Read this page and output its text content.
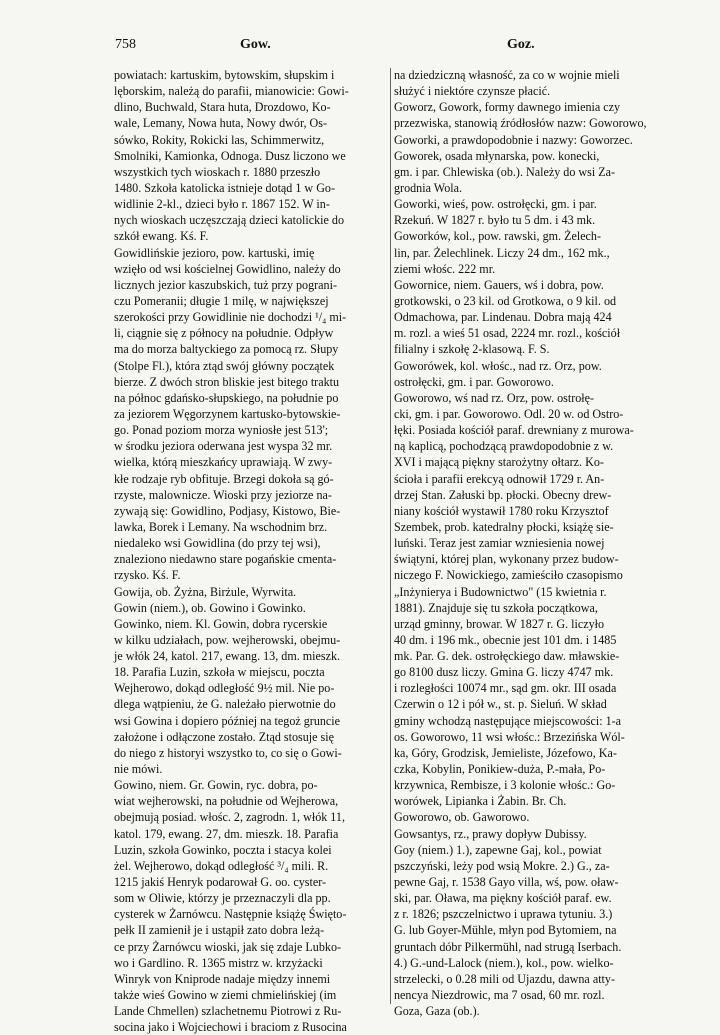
758	Gow.	Goz.
powiatach: kartuskim, bytowskim, słupskim i
lęborskim, należą do parafii, mianowicie: Gowi-
dlino, Buchwald, Stara huta, Drozdowo, Ko-
wale, Lemany, Nowa huta, Nowy dwór, Os-
sówko, Rokity, Rokicki las, Schimmerwitz,
Smolniki, Kamionka, Odnoga. Dusz liczono we
wszystkich tych wioskach r. 1880 przeszło
1480. Szkoła katolicka istnieje dotąd 1 w Go-
widlinie 2-kl., dzieci było r. 1867 152. W in-
nych wioskach uczęszczają dzieci katolickie do
szkół ewang. Kś. F.
Gowidlińskie jezioro, pow. kartuski, imię
wzięło od wsi kościelnej Gowidlino, należy do
licznych jezior kaszubskich, tuż przy pograni-
czu Pomeranii; długie 1 milę, w największej
szerokości przy Gowidlinie nie dochodzi ¹/₄ mi-
li, ciągnie się z północy na południe. Odpływ
ma do morza baltyckiego za pomocą rz. Słupy
(Stolpe Fl.), która ztąd swój główny początek
bierze. Z dwóch stron bliskie jest bitego traktu
na północ gdańsko-słupskiego, na południe po
za jeziorem Węgorzynem kartusko-bytowskie-
go. Ponad poziom morza wyniosłe jest 513';
w środku jeziora oderwana jest wyspa 32 mr.
wielka, którą mieszkańcy uprawiają. W zwy-
kłe rodzaje ryb obfituje. Brzegi dokoła są gó-
rzyste, malownicze. Wioski przy jeziorze na-
zywają się: Gowidlino, Podjasy, Kistowo, Bie-
lawka, Borek i Lemany. Na wschodnim brz.
niedaleko wsi Gowidlina (do przy tej wsi),
znaleziono niedawno stare pogańskie cmenta-
rzysko. Kś. F.
Gowija, ob. Żyżna, Birżule, Wyrwita.
Gowin (niem.), ob. Gowino i Gowinko.
Gowinko, niem. Kl. Gowin, dobra rycerskie
w kilku udziałach, pow. wejherowski, obejmu-
je włók 24, katol. 217, ewang. 13, dm. mieszk.
18. Parafia Luzin, szkoła w miejscu, poczta
Wejherowo, dokąd odległość 9½ mil. Nie po-
dlega wątpieniu, że G. należało pierwotnie do
wsi Gowina i dopiero później na tegoż gruncie
założone i odłączone zostało. Ztąd stosuje się
do niego z historyi wszystko to, co się o Gowi-
nie mówi.
Gowino, niem. Gr. Gowin, ryc. dobra, po-
wiat wejherowski, na południe od Wejherowa,
obejmują posiad. włośc. 2, zagrodn. 1, włók 11,
katol. 179, ewang. 27, dm. mieszk. 18. Parafia
Luzin, szkoła Gowinko, poczta i stacya kolei
żel. Wejherowo, dokąd odległość ³/₄ mili. R.
1215 jakiś Henryk podarował G. oo. cyster-
som w Oliwie, którzy je przeznaczyli dla pp.
cysterek w Żarnówcu. Następnie książę Święto-
pełk II zamienił je i ustąpił zato dobra leżą-
ce przy Żarnówcu wioski, jak się zdaje Lubko-
wo i Gardlino. R. 1365 mistrz w. krzyżacki
Winryk von Kniprode nadaje między innemi
także wieś Gowino w ziemi chmielińskiej (im
Lande Chmellen) szlachetnemu Piotrowi z Ru-
socina jako i Wojciechowi i braciom z Rusocina
na dziedziczną własność, za co w wojnie mieli
służyć i niektóre czynsze płacić.
Goworz, Gowork, formy dawnego imienia czy
przezwiska, stanowią źródłosłów nazw: Goworowo,
Goworki, a prawdopodobnie i nazwy: Goworzec.
Goworek, osada młynarska, pow. konecki,
gm. i par. Chlewiska (ob.). Należy do wsi Za-
grodnia Wola.
Goworki, wieś, pow. ostrołęcki, gm. i par.
Rzekuń. W 1827 r. było tu 5 dm. i 43 mk.
Goworków, kol., pow. rawski, gm. Żelech-
lin, par. Żelechlinek. Liczy 24 dm., 162 mk.,
ziemi włośc. 222 mr.
Gowornice, niem. Gauers, wś i dobra, pow.
grotkowski, o 23 kil. od Grotkowa, o 9 kil. od
Odmachowa, par. Lindenau. Dobra mają 424
m. rozl. a wieś 51 osad, 2224 mr. rozl., kościół
filialny i szkołę 2-klasową. F. S.
Goworówek, kol. włośc., nad rz. Orz, pow.
ostrołęcki, gm. i par. Goworowo.
Goworowo, wś nad rz. Orz, pow. ostrołę-
cki, gm. i par. Goworowo. Odl. 20 w. od Ostro-
łęki. Posiada kościół paraf. drewniany z murowa-
ną kaplicą, pochodzącą prawdopodobnie z w.
XVI i mającą piękny starożytny ołtarz. Ko-
ścioła i parafii erekcyą odnowił 1729 r. An-
drzej Stan. Załuski bp. płocki. Obecny drew-
niany kościół wystawił 1780 roku Krzysztof
Szembek, prob. katedralny płocki, książę sie-
luński. Teraz jest zamiar wzniesienia nowej
świątyni, której plan, wykonany przez budow-
niczego F. Nowickiego, zamieściło czasopismo
„Inżynierya i Budownictwo" (15 kwietnia r.
1881). Znajduje się tu szkoła początkowa,
urząd gminny, browar. W 1827 r. G. liczyło
40 dm. i 196 mk., obecnie jest 101 dm. i 1485
mk. Par. G. dek. ostrołęckiego daw. mławskie-
go 8100 dusz liczy. Gmina G. liczy 4747 mk.
i rozległości 10074 mr., sąd gm. okr. III osada
Czerwin o 12 i pół w., st. p. Sieluń. W skład
gminy wchodzą następujące miejscowości: 1-a
os. Goworowo, 11 wsi włośc.: Brzezińska Wól-
ka, Góry, Grodzisk, Jemieliste, Józefowo, Ka-
czka, Kobylin, Ponikiew-duża, P.-mała, Po-
krzywnica, Rembisze, i 3 kolonie włośc.: Go-
worówek, Lipianka i Żabin. Br. Ch.
Goworowo, ob. Gaworowo.
Gowsantys, rz., prawy dopływ Dubissy.
Goy (niem.) 1.), zapewne Gaj, kol., powiat
pszczyński, leży pod wsią Mokre. 2.) G., za-
pewne Gaj, r. 1538 Gayo villa, wś, pow. oław-
ski, par. Oława, ma piękny kościół paraf. ew.
z r. 1826; pszczelnictwo i uprawa tytuniu. 3.)
G. lub Goyer-Mühle, młyn pod Bytomiem, na
gruntach dóbr Pilkermühl, nad strugą Iserbach.
4.) G.-und-Lalock (niem.), kol., pow. wielko-
strzelecki, o 0.28 mili od Ujazdu, dawna atty-
nencya Niezdrowic, ma 7 osad, 60 mr. rozl.
Goza, Gaza (ob.).
